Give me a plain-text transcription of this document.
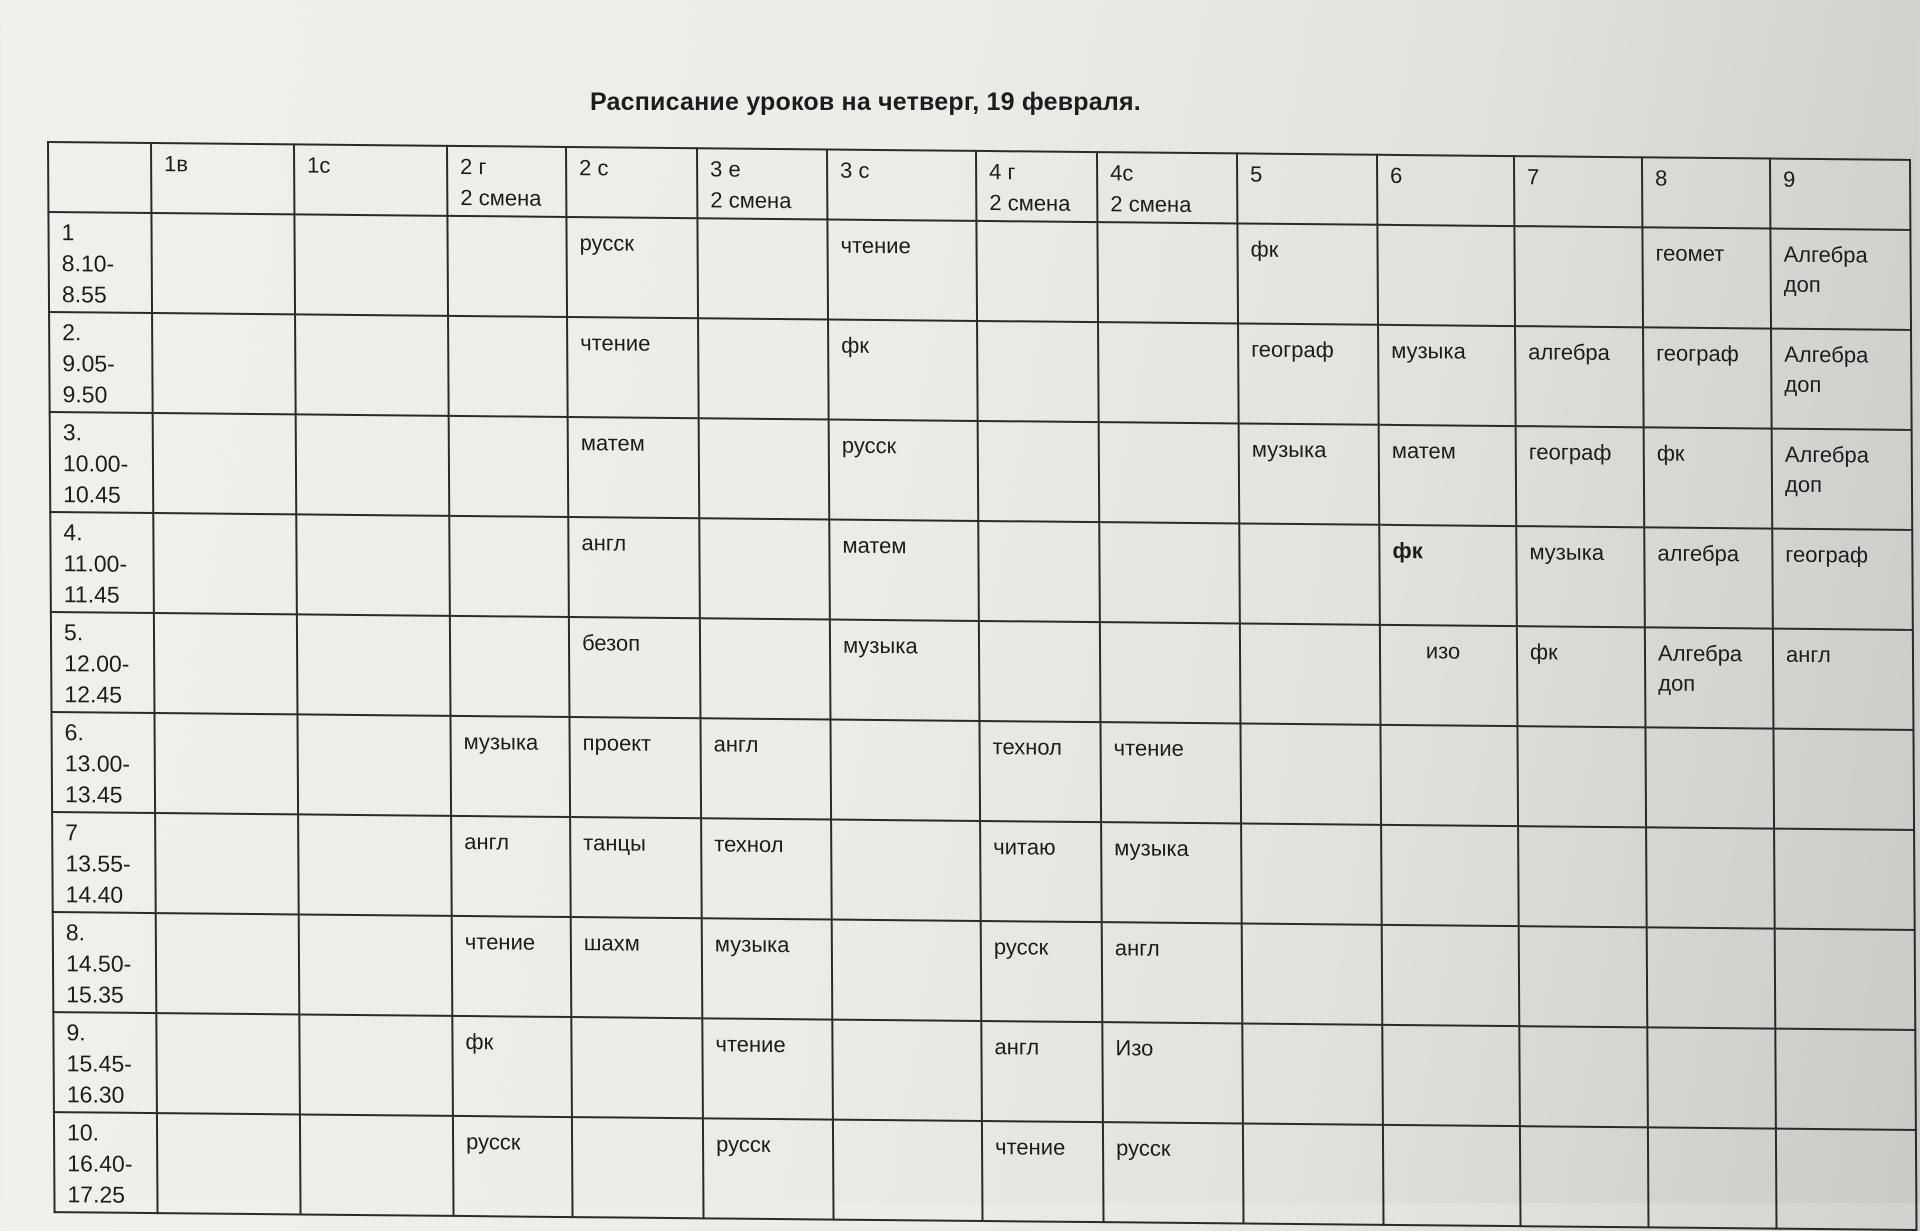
Расписание уроков на четверг, 19 февраля.

	1в	1с	2 г
2 смена	2 с	3 е
2 смена	3 с	4 г
2 смена	4с
2 смена	5	6	7	8	9

1
8.10-
8.55				русск		чтение			фк			геомет	Алгебра доп

2.
9.05-
9.50				чтение		фк			географ	музыка	алгебра	географ	Алгебра доп

3.
10.00-
10.45				матем		русск			музыка	матем	географ	фк	Алгебра доп

4.
11.00-
11.45				англ		матем				фк	музыка	алгебра	географ

5.
12.00-
12.45				безоп		музыка				изо	фк	Алгебра доп	англ

6.
13.00-
13.45			музыка	проект	англ		технол	чтение					

7
13.55-
14.40			англ	танцы	технол		читаю	музыка					

8.
14.50-
15.35			чтение	шахм	музыка		русск	англ					

9.
15.45-
16.30			фк		чтение		англ	Изо					

10.
16.40-
17.25			русск		русск		чтение	русск					
